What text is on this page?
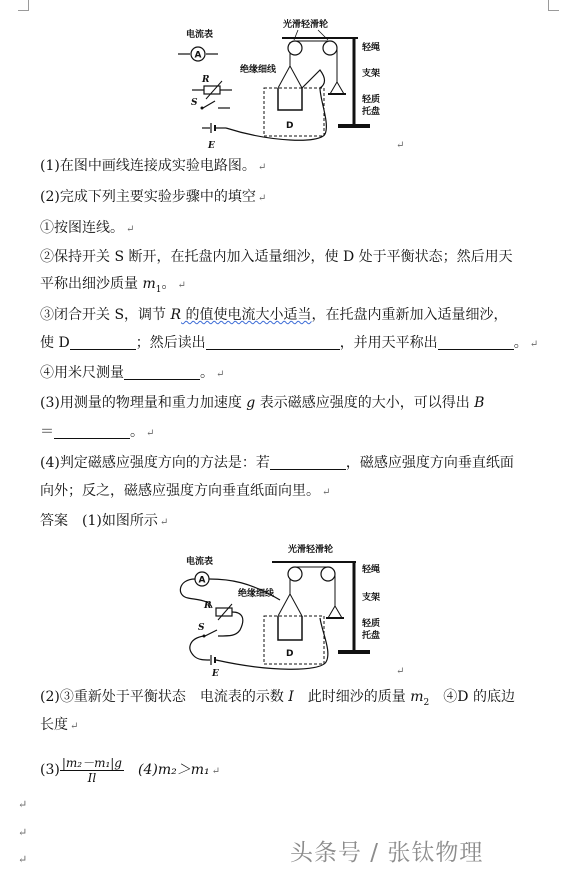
电流表
A
R
S
E
D
绝缘细线
光滑轻滑轮
轻绳
支架
轻质
托盘
↵
(1)在图中画线连接成实验电路图。 ↵
(2)完成下列主要实验步骤中的填空 ↵
①按图连线。 ↵
②保持开关 S 断开，在托盘内加入适量细沙，使 D 处于平衡状态；然后用天
平称出细沙质量 $m_1$。 ↵
③闭合开关 S，调节 R 的值使电流大小适当，在托盘内重新加入适量细沙，
使 D	；然后读出	，并用天平称出	。 ↵
④用米尺测量	。 ↵
(3)用测量的物理量和重力加速度 g 表示磁感应强度的大小，可以得出 B
＝	。 ↵
(4)判定磁感应强度方向的方法是：若	，磁感应强度方向垂直纸面
向外；反之，磁感应强度方向垂直纸面向里。 ↵
答案　(1)如图所示 ↵
电流表
A
R
S
E
D
绝缘细线
光滑轻滑轮
轻绳
支架
轻质
托盘
↵
(2)③重新处于平衡状态　电流表的示数 I　此时细沙的质量 $m_2$　④D 的底边
长度 ↵
$(3) \frac{\text{|m₂－m₁|g}}{Il}$
　 (4)m₂＞m₁ ↵
↵
↵
↵	头条号 / 张钛物理
